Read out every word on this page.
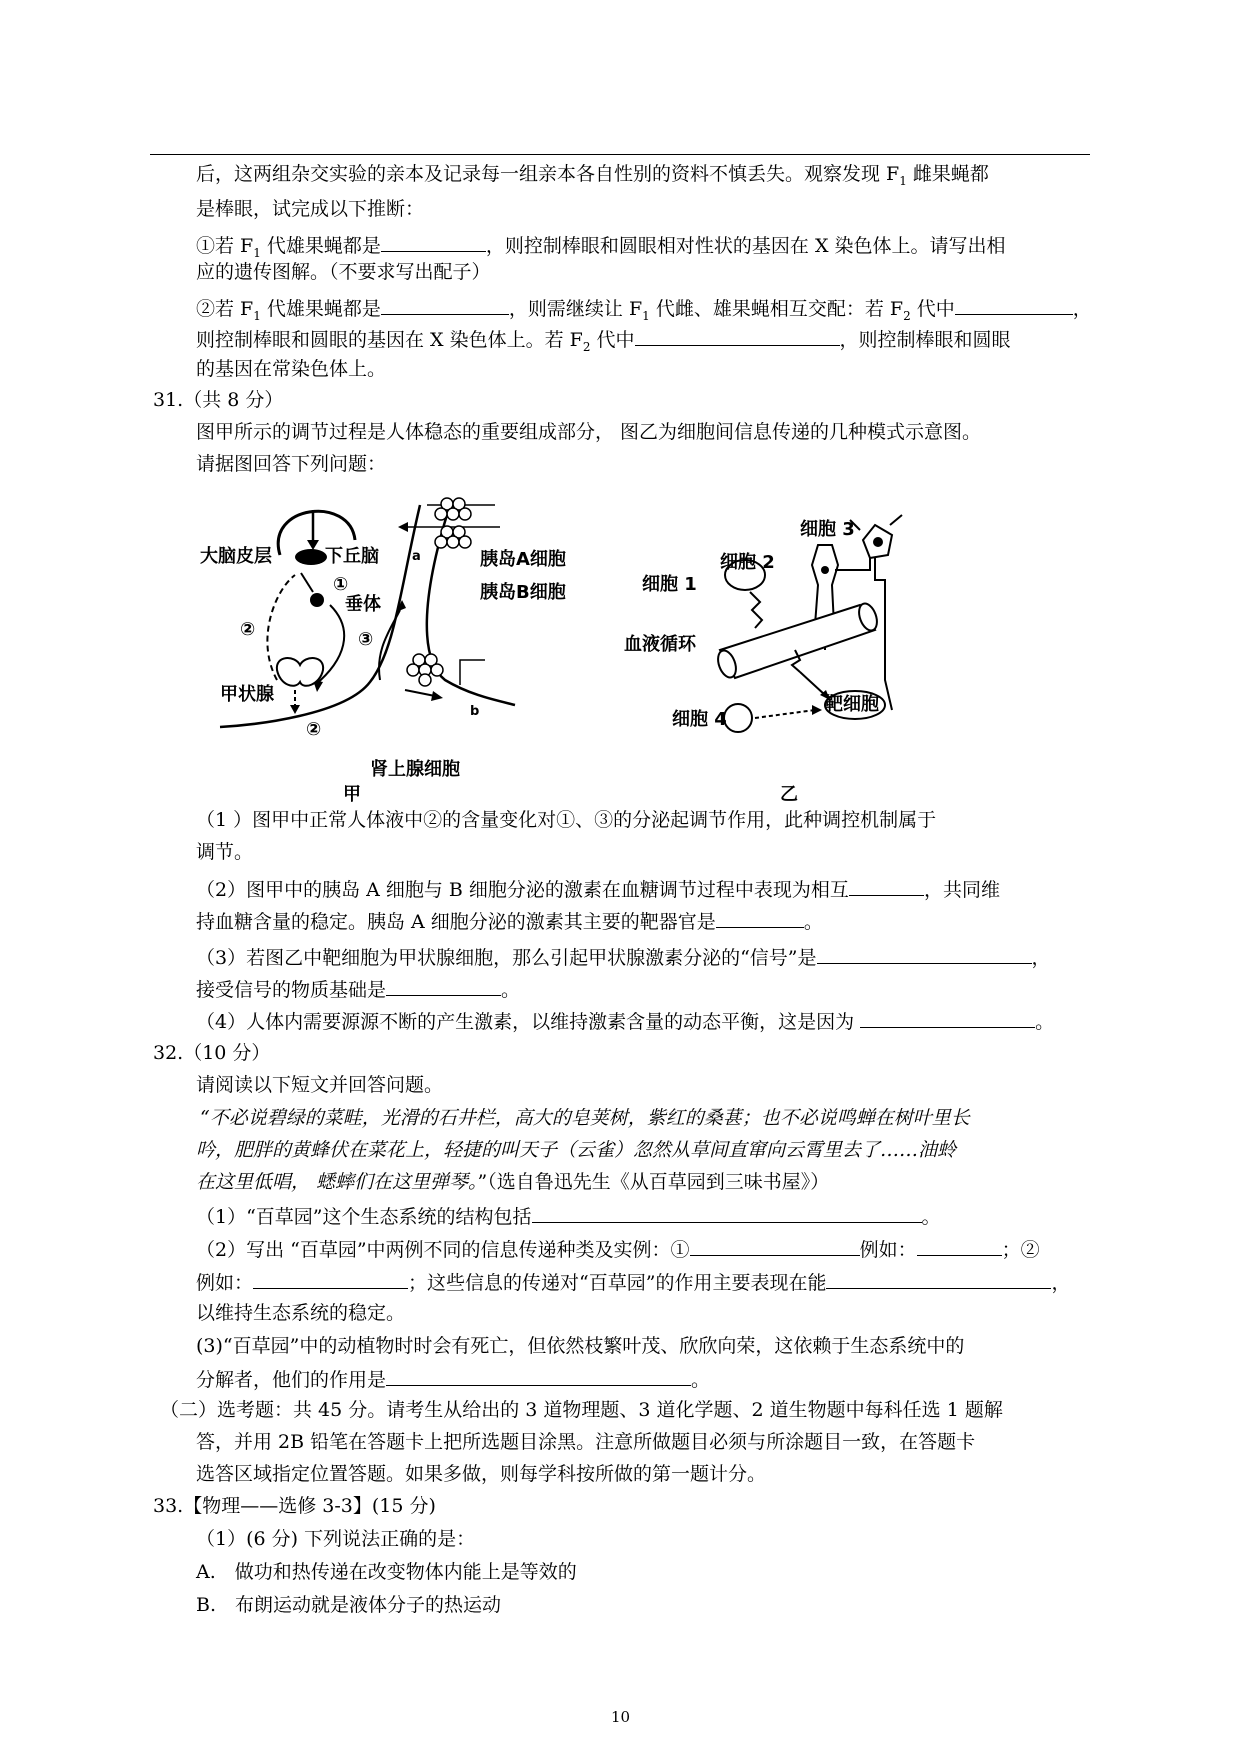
后，这两组杂交实验的亲本及记录每一组亲本各自性别的资料不慎丢失。观察发现 $F_1$ 雌果蝇都
是棒眼，试完成以下推断：
①若 $F_1$ 代雄果蝇都是	，则控制棒眼和圆眼相对性状的基因在 X 染色体上。请写出相
应的遗传图解。（不要求写出配子）
②若 $F_1$ 代雄果蝇都是	，则需继续让 $F_1$ 代雌、雄果蝇相互交配：若 $F_2$ 代中	，
则控制棒眼和圆眼的基因在 X 染色体上。若 $F_2$ 代中	，则控制棒眼和圆眼
的基因在常染色体上。
31.（共 8 分）
图甲所示的调节过程是人体稳态的重要组成部分， 图乙为细胞间信息传递的几种模式示意图。
请据图回答下列问题：
大脑皮层	下丘脑	a
①
垂体
②	③
甲状腺
②
胰岛A细胞
胰岛B细胞
b
肾上腺细胞
甲
细胞 3
细胞 2
细胞 1
血液循环
细胞 4
靶细胞
乙
（1 ）图甲中正常人体液中②的含量变化对①、③的分泌起调节作用，此种调控机制属于
调节。
（2）图甲中的胰岛 A 细胞与 B 细胞分泌的激素在血糖调节过程中表现为相互	，共同维
持血糖含量的稳定。胰岛 A 细胞分泌的激素其主要的靶器官是	。
（3）若图乙中靶细胞为甲状腺细胞，那么引起甲状腺激素分泌的“信号”是	，
接受信号的物质基础是	。
（4）人体内需要源源不断的产生激素，以维持激素含量的动态平衡，这是因为	。
32.（10 分）
请阅读以下短文并回答问题。
“不必说碧绿的菜畦，光滑的石井栏，高大的皂荚树，紫红的桑葚；也不必说鸣蝉在树叶里长
吟，肥胖的黄蜂伏在菜花上，轻捷的叫天子（云雀）忽然从草间直窜向云霄里去了……油蛉
在这里低唱， 蟋蟀们在这里弹琴。”（选自鲁迅先生《从百草园到三味书屋》）
（1）“百草园”这个生态系统的结构包括	。
（2）写出 “百草园”中两例不同的信息传递种类及实例：①	例如：	；②
例如：	；这些信息的传递对“百草园”的作用主要表现在能	，
以维持生态系统的稳定。
(3)“百草园”中的动植物时时会有死亡，但依然枝繁叶茂、欣欣向荣，这依赖于生态系统中的
分解者，他们的作用是	。
（二）选考题：共 45 分。请考生从给出的 3 道物理题、3 道化学题、2 道生物题中每科任选 1 题解
答，并用 2B 铅笔在答题卡上把所选题目涂黑。注意所做题目必须与所涂题目一致，在答题卡
选答区域指定位置答题。如果多做，则每学科按所做的第一题计分。
33.【物理——选修 3-3】(15 分)
（1）(6 分) 下列说法正确的是：
A.　做功和热传递在改变物体内能上是等效的
B.　布朗运动就是液体分子的热运动
10
